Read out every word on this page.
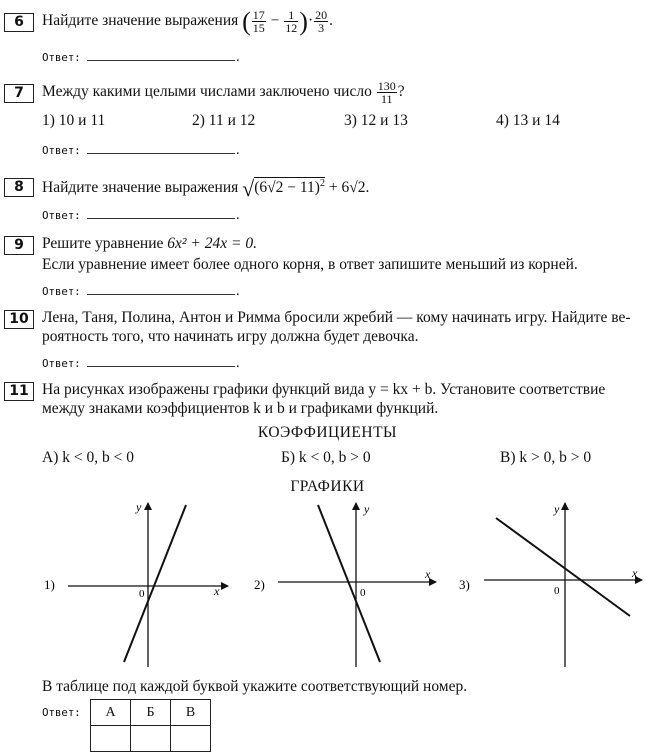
6	Найдите значение выражения ( $\frac{17}{15} - \frac{1}{12}$ )· $\frac{20}{3}$ .
Ответ:	.
7	Между какими целыми числами заключено число $\frac{130}{11}$ ?
1) 10 и 11	2) 11 и 12	3) 12 и 13	4) 13 и 14
Ответ:	.
8	Найдите значение выражения $√(6√2 - 11)^2 + 6√2$.
Ответ:	.
9	Решите уравнение 6x² + 24x = 0.
Если уравнение имеет более одного корня, в ответ запишите меньший из корней.
Ответ:	.
10 Лена, Таня, Полина, Антон и Римма бросили жребий — кому начинать игру. Найдите ве-
роятность того, что начинать игру должна будет девочка.
Ответ:	.
11 На рисунках изображены графики функций вида y = kx + b. Установите соответствие
между знаками коэффициентов k и b и графиками функций.
КОЭФФИЦИЕНТЫ
А) k < 0, b < 0	Б) k < 0, b > 0	В) k > 0, b > 0
ГРАФИКИ
1)	x
y
0
2)
x
y
0
3)
x
y
0
В таблице под каждой буквой укажите соответствующий номер.
Ответ: А	Б	В
